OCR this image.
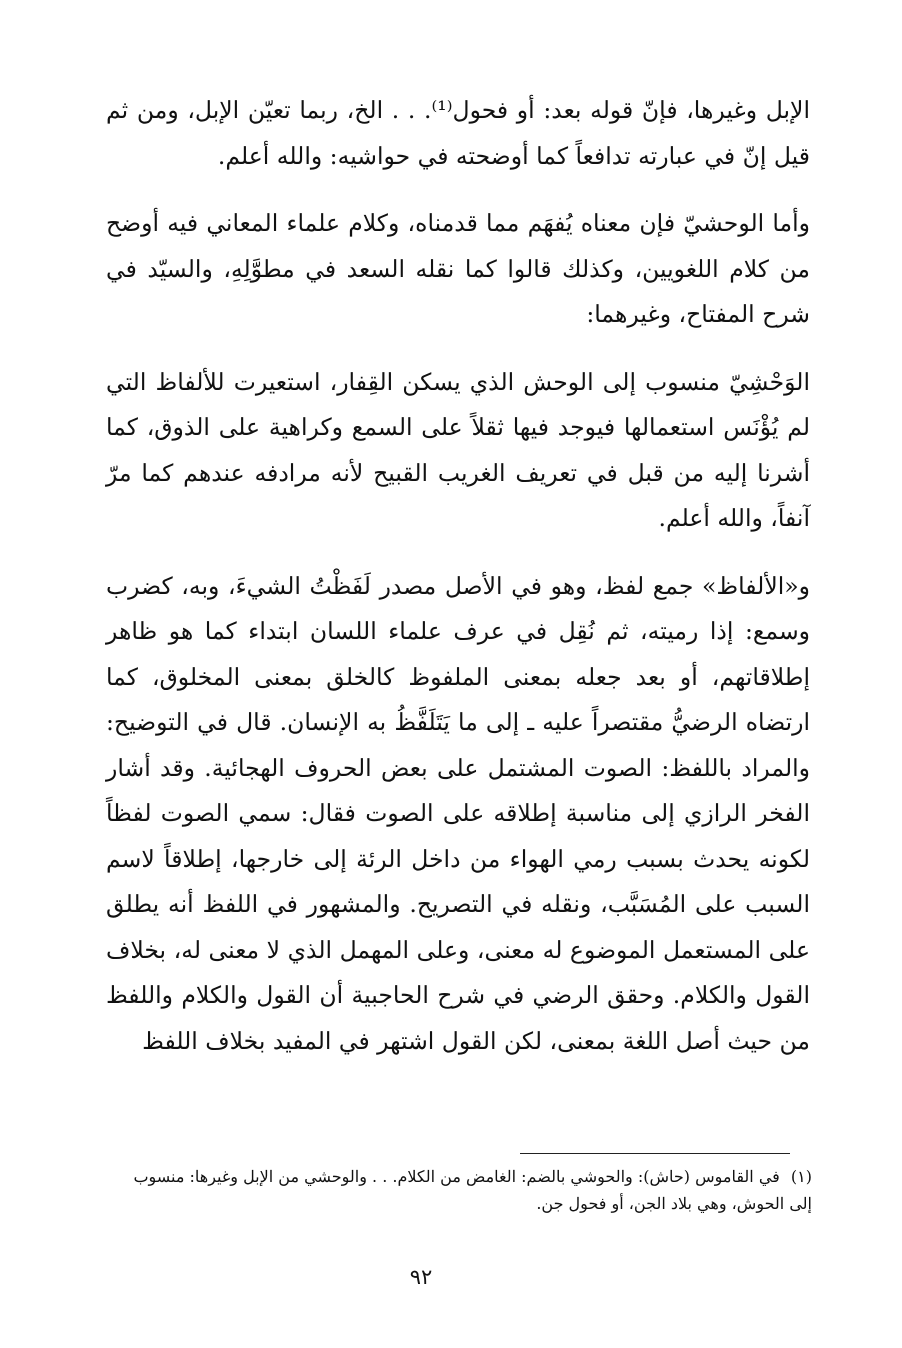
الإبل وغيرها، فإنّ قوله بعد: أو فحول⁽¹⁾. . . الخ، ربما تعيّن الإبل، ومن ثم قيل إنّ في عبارته تدافعاً كما أوضحته في حواشيه: والله أعلم.

وأما الوحشيّ فإن معناه يُفهَم مما قدمناه، وكلام علماء المعاني فيه أوضح من كلام اللغويين، وكذلك قالوا كما نقله السعد في مطوَّلِهِ، والسيّد في شرح المفتاح، وغيرهما:

الوَحْشِيّ منسوب إلى الوحش الذي يسكن القِفار، استعيرت للألفاظ التي لم يُؤْنَس استعمالها فيوجد فيها ثقلاً على السمع وكراهية على الذوق، كما أشرنا إليه من قبل في تعريف الغريب القبيح لأنه مرادفه عندهم كما مرّ آنفاً، والله أعلم.

و«الألفاظ» جمع لفظ، وهو في الأصل مصدر لَفَظْتُ الشيءَ، وبه، كضرب وسمع: إذا رميته، ثم نُقِل في عرف علماء اللسان ابتداء كما هو ظاهر إطلاقاتهم، أو بعد جعله بمعنى الملفوظ كالخلق بمعنى المخلوق، كما ارتضاه الرضيُّ مقتصراً عليه ـ إلى ما يَتَلَفَّظُ به الإنسان. قال في التوضيح: والمراد باللفظ: الصوت المشتمل على بعض الحروف الهجائية. وقد أشار الفخر الرازي إلى مناسبة إطلاقه على الصوت فقال: سمي الصوت لفظاً لكونه يحدث بسبب رمي الهواء من داخل الرئة إلى خارجها، إطلاقاً لاسم السبب على المُسَبَّب، ونقله في التصريح. والمشهور في اللفظ أنه يطلق على المستعمل الموضوع له معنى، وعلى المهمل الذي لا معنى له، بخلاف القول والكلام. وحقق الرضي في شرح الحاجبية أن القول والكلام واللفظ من حيث أصل اللغة بمعنى، لكن القول اشتهر في المفيد بخلاف اللفظ

(١) في القاموس (حاش): والحوشي بالضم: الغامض من الكلام. . . والوحشي من الإبل وغيرها: منسوب إلى الحوش، وهي بلاد الجن، أو فحول جن.
٩٢
